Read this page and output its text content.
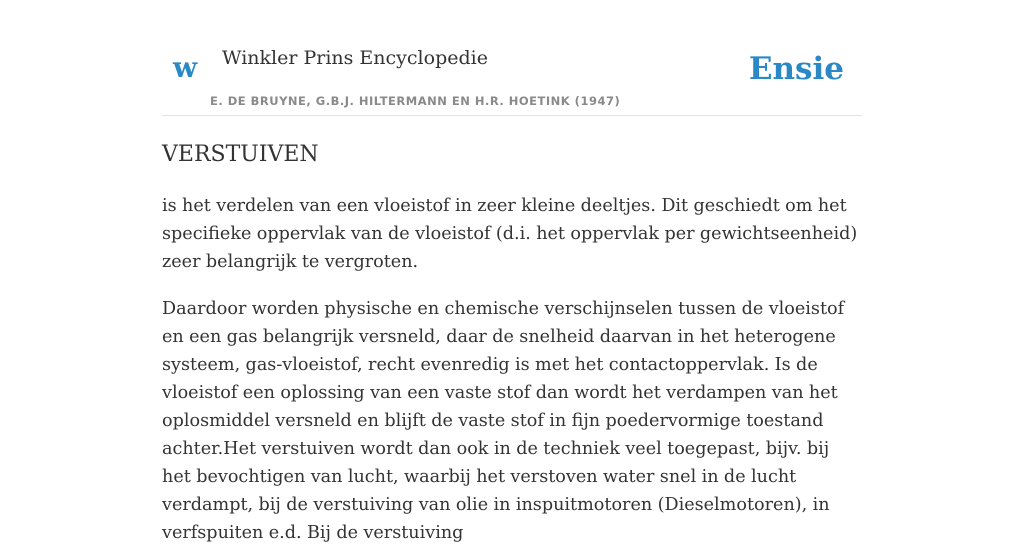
w Winkler Prins Encyclopedie
E. DE BRUYNE, G.B.J. HILTERMANN EN H.R. HOETINK (1947)
Ensie
VERSTUIVEN

is het verdelen van een vloeistof in zeer kleine deeltjes. Dit geschiedt om het specifieke oppervlak van de vloeistof (d.i. het oppervlak per gewichtseenheid) zeer belangrijk te vergroten.

Daardoor worden physische en chemische verschijnselen tussen de vloeistof en een gas belangrijk versneld, daar de snelheid daarvan in het heterogene systeem, gas-vloeistof, recht evenredig is met het contactoppervlak. Is de vloeistof een oplossing van een vaste stof dan wordt het verdampen van het oplosmiddel versneld en blijft de vaste stof in fijn poedervormige toestand achter.Het verstuiven wordt dan ook in de techniek veel toegepast, bijv. bij het bevochtigen van lucht, waarbij het verstoven water snel in de lucht verdampt, bij de verstuiving van olie in inspuitmotoren (Dieselmotoren), in verfspuiten e.d. Bij de verstuiving
